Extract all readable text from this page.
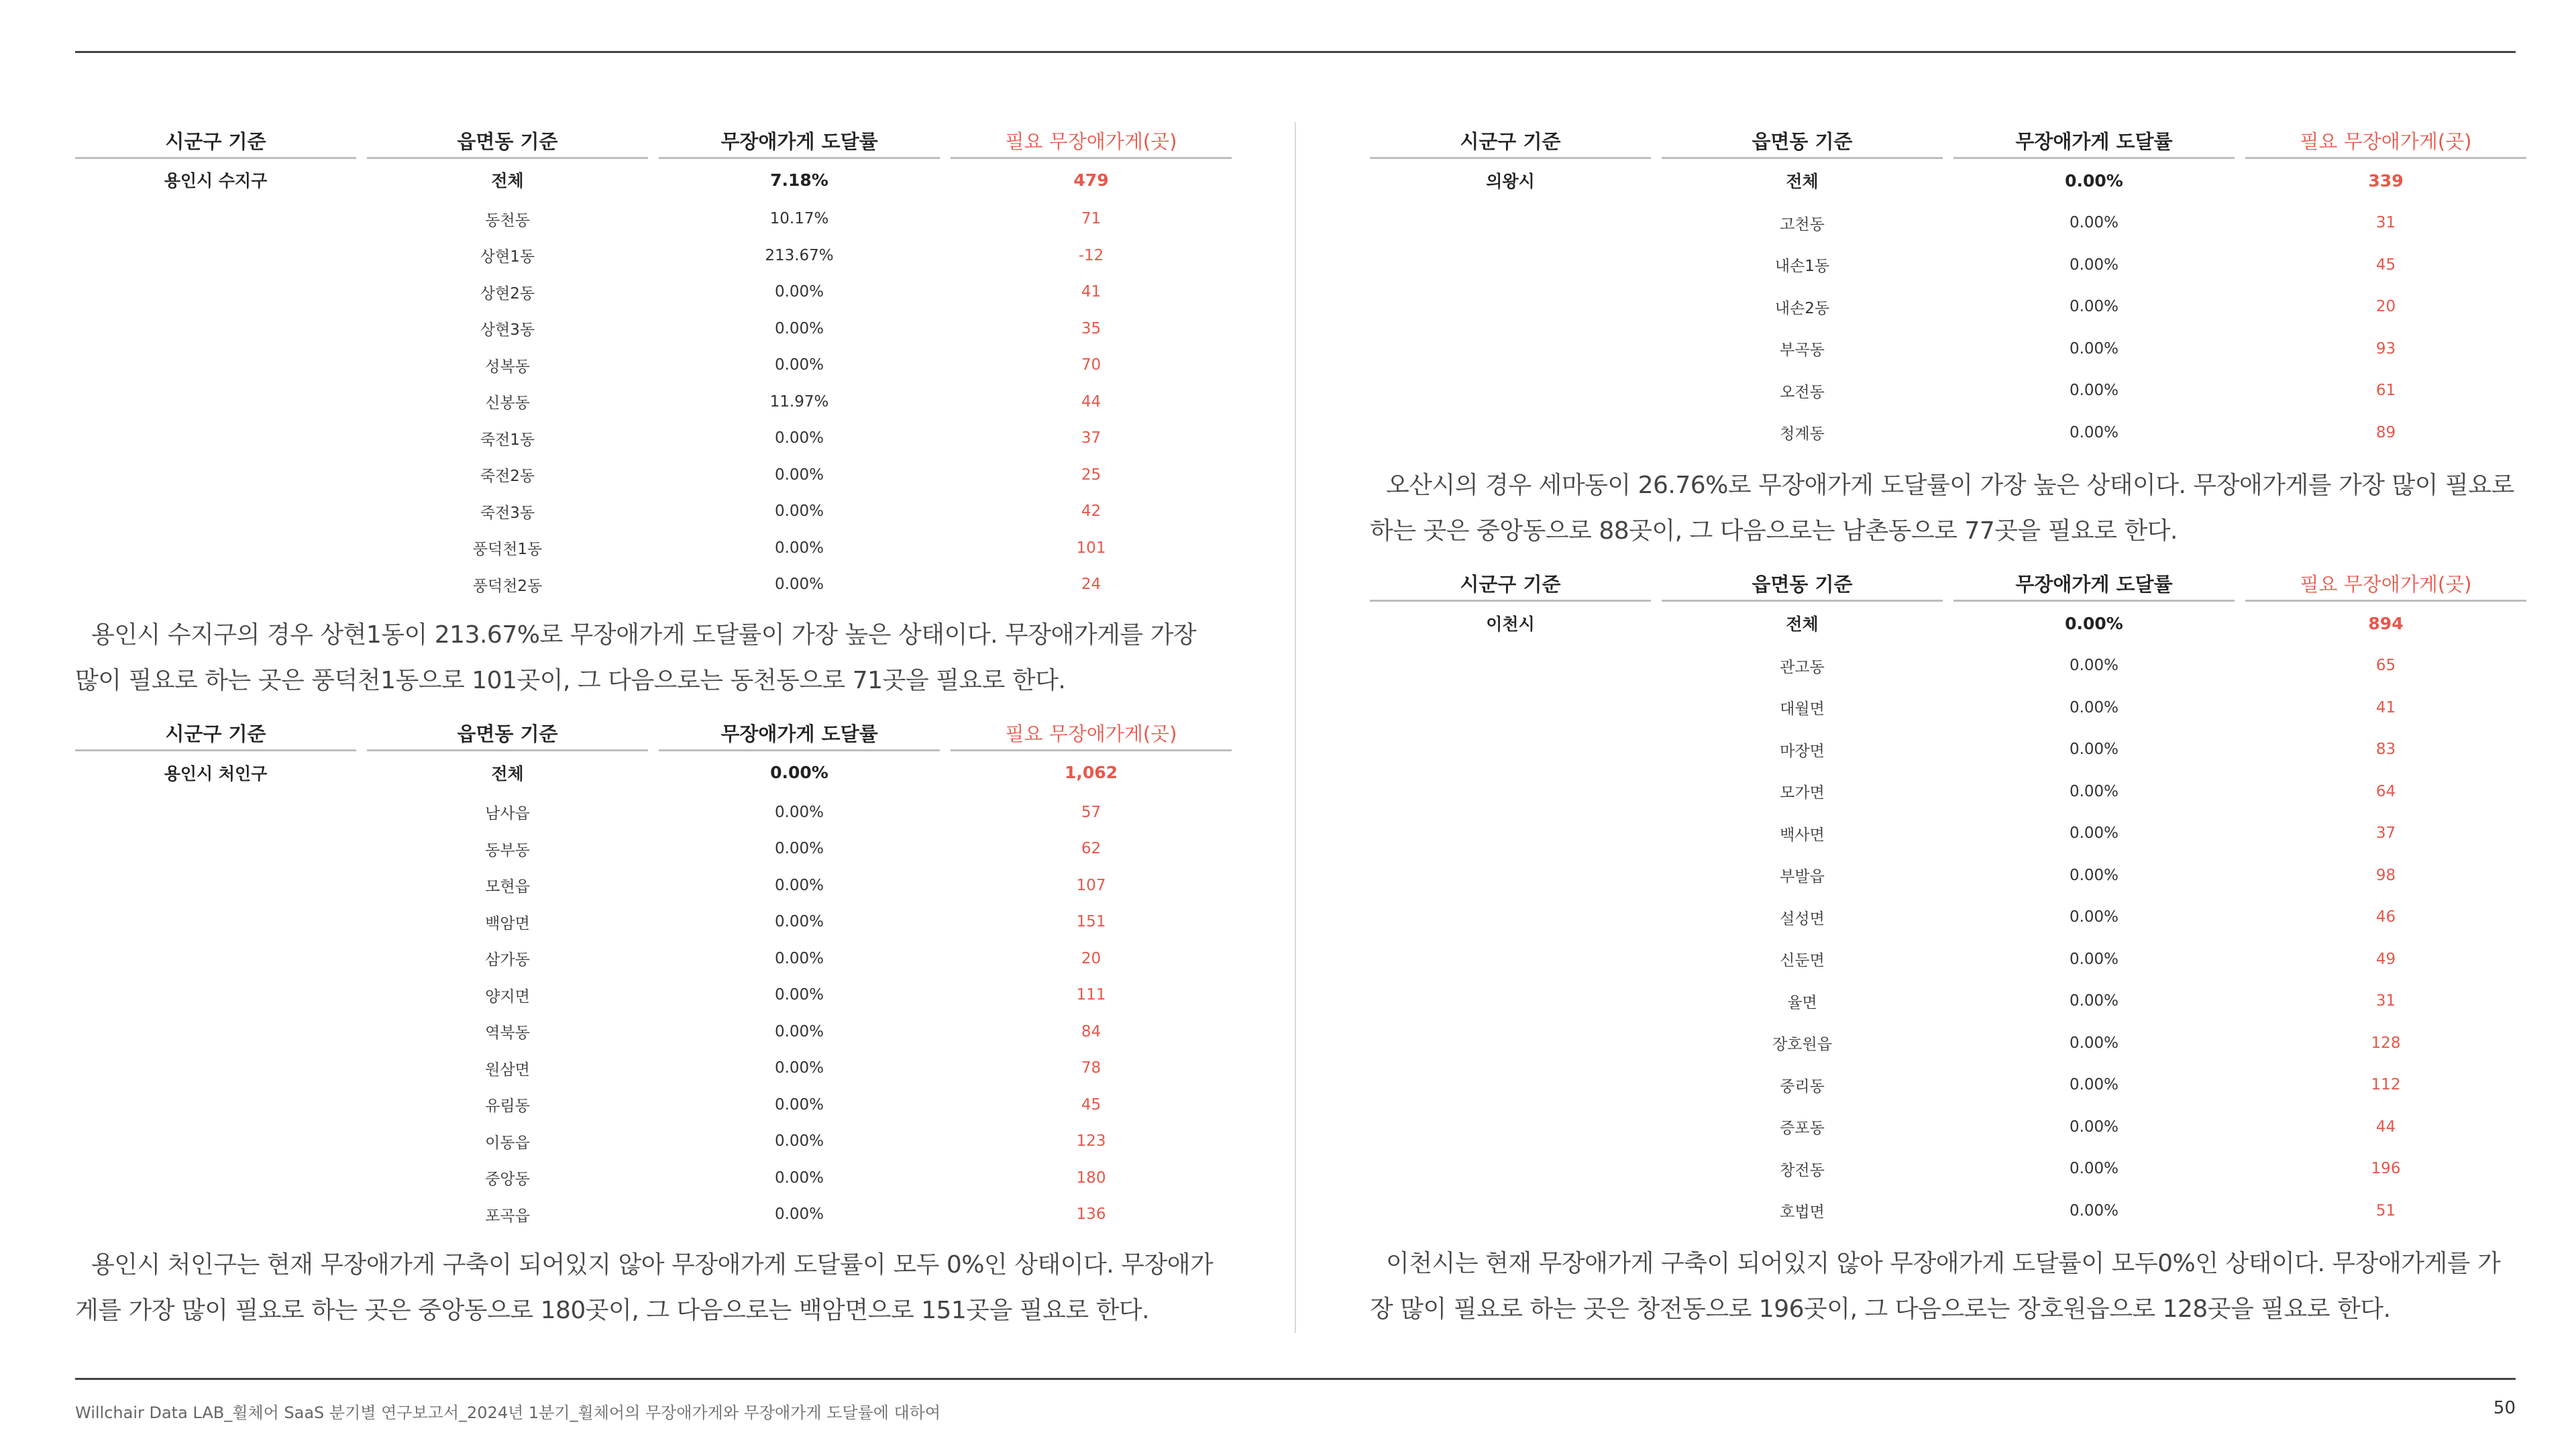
시군구 기준		읍면동 기준		무장애가게 도달률		필요 무장애가게(곳)
용인시 수지구		전체		7.18%		479
		동천동		10.17%		71
		상현1동		213.67%		-12
		상현2동		0.00%		41
		상현3동		0.00%		35
		성복동		0.00%		70
		신봉동		11.97%		44
		죽전1동		0.00%		37
		죽전2동		0.00%		25
		죽전3동		0.00%		42
		풍덕천1동		0.00%		101
		풍덕천2동		0.00%		24

용인시 수지구의 경우 상현1동이 213.67%로 무장애가게 도달률이 가장 높은 상태이다. 무장애가게를 가장 많이 필요로 하는 곳은 풍덕천1동으로 101곳이, 그 다음으로는 동천동으로 71곳을 필요로 한다.

시군구 기준		읍면동 기준		무장애가게 도달률		필요 무장애가게(곳)
용인시 처인구		전체		0.00%		1,062
		남사읍		0.00%		57
		동부동		0.00%		62
		모현읍		0.00%		107
		백암면		0.00%		151
		삼가동		0.00%		20
		양지면		0.00%		111
		역북동		0.00%		84
		원삼면		0.00%		78
		유림동		0.00%		45
		이동읍		0.00%		123
		중앙동		0.00%		180
		포곡읍		0.00%		136

용인시 처인구는 현재 무장애가게 구축이 되어있지 않아 무장애가게 도달률이 모두 0%인 상태이다. 무장애가게를 가장 많이 필요로 하는 곳은 중앙동으로 180곳이, 그 다음으로는 백암면으로 151곳을 필요로 한다.

시군구 기준		읍면동 기준		무장애가게 도달률		필요 무장애가게(곳)
의왕시		전체		0.00%		339
		고천동		0.00%		31
		내손1동		0.00%		45
		내손2동		0.00%		20
		부곡동		0.00%		93
		오전동		0.00%		61
		청계동		0.00%		89

오산시의 경우 세마동이 26.76%로 무장애가게 도달률이 가장 높은 상태이다. 무장애가게를 가장 많이 필요로 하는 곳은 중앙동으로 88곳이, 그 다음으로는 남촌동으로 77곳을 필요로 한다.

시군구 기준		읍면동 기준		무장애가게 도달률		필요 무장애가게(곳)
이천시		전체		0.00%		894
		관고동		0.00%		65
		대월면		0.00%		41
		마장면		0.00%		83
		모가면		0.00%		64
		백사면		0.00%		37
		부발읍		0.00%		98
		설성면		0.00%		46
		신둔면		0.00%		49
		율면		0.00%		31
		장호원읍		0.00%		128
		중리동		0.00%		112
		증포동		0.00%		44
		창전동		0.00%		196
		호법면		0.00%		51

이천시는 현재 무장애가게 구축이 되어있지 않아 무장애가게 도달률이 모두0%인 상태이다. 무장애가게를 가장 많이 필요로 하는 곳은 창전동으로 196곳이, 그 다음으로는 장호원읍으로 128곳을 필요로 한다.

Willchair Data LAB_휠체어 SaaS 분기별 연구보고서_2024년 1분기_휠체어의 무장애가게와 무장애가게 도달률에 대하여	50
